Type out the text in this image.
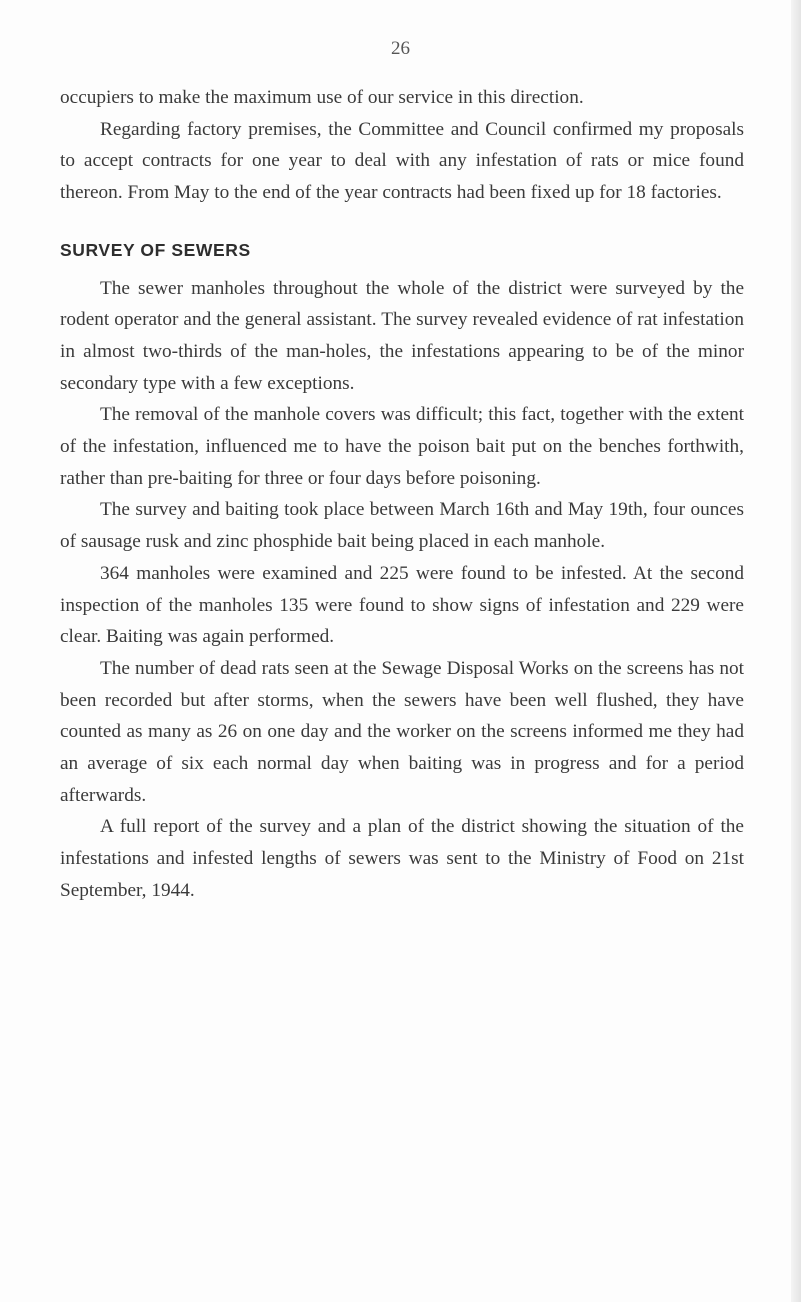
26

occupiers to make the maximum use of our service in this direction.

Regarding factory premises, the Committee and Council confirmed my proposals to accept contracts for one year to deal with any infestation of rats or mice found thereon. From May to the end of the year contracts had been fixed up for 18 factories.

SURVEY OF SEWERS

The sewer manholes throughout the whole of the district were surveyed by the rodent operator and the general assistant. The survey revealed evidence of rat infestation in almost two-thirds of the man-holes, the infestations appearing to be of the minor secondary type with a few exceptions.

The removal of the manhole covers was difficult; this fact, together with the extent of the infestation, influenced me to have the poison bait put on the benches forthwith, rather than pre-baiting for three or four days before poisoning.

The survey and baiting took place between March 16th and May 19th, four ounces of sausage rusk and zinc phosphide bait being placed in each manhole.

364 manholes were examined and 225 were found to be infested. At the second inspection of the manholes 135 were found to show signs of infestation and 229 were clear. Baiting was again performed.

The number of dead rats seen at the Sewage Disposal Works on the screens has not been recorded but after storms, when the sewers have been well flushed, they have counted as many as 26 on one day and the worker on the screens informed me they had an average of six each normal day when baiting was in progress and for a period afterwards.

A full report of the survey and a plan of the district showing the situation of the infestations and infested lengths of sewers was sent to the Ministry of Food on 21st September, 1944.
